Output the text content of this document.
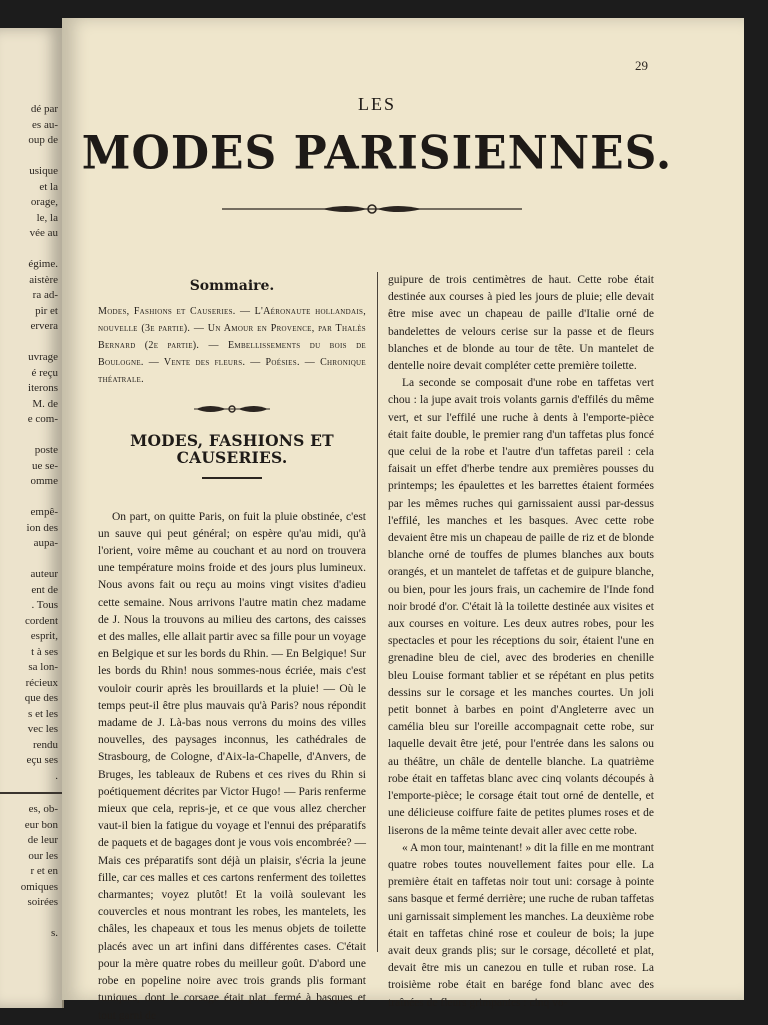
dé par
es au-
oup de

usique
et la
orage,
le, la
vée au

égime.
aistère
ra ad-
pir et
ervera

uvrage
é reçu
iterons
M. de
e com-

poste
ue se-
omme

empê-
ion des
aupa-

auteur
ent de
. Tous
cordent
esprit,
t à ses
sa lon-
récieux
que des
s et les
vec les
rendu
eçu ses
.
es, ob-
eur bon
de leur
our les
r et en
omiques
soirées

s.
29
LES
MODES PARISIENNES.
Sommaire.
Modes, Fashions et Causeries. — L'Aéronaute hollandais, nouvelle (3e partie). — Un Amour en Provence, par Thalès Bernard (2e partie). — Embellissements du bois de Boulogne. — Vente des fleurs. — Poésies. — Chronique théatrale.
MODES, FASHIONS ET CAUSERIES.

On part, on quitte Paris, on fuit la pluie obstinée, c'est un sauve qui peut général; on espère qu'au midi, qu'à l'orient, voire même au couchant et au nord on trouvera une température moins froide et des jours plus lumineux. Nous avons fait ou reçu au moins vingt visites d'adieu cette semaine. Nous arrivons l'autre matin chez madame de J. Nous la trouvons au milieu des cartons, des caisses et des malles, elle allait partir avec sa fille pour un voyage en Belgique et sur les bords du Rhin. — En Belgique! Sur les bords du Rhin! nous sommes-nous écriée, mais c'est vouloir courir après les brouillards et la pluie! — Où le temps peut-il être plus mauvais qu'à Paris? nous répondit madame de J. Là-bas nous verrons du moins des villes nouvelles, des paysages inconnus, les cathédrales de Strasbourg, de Cologne, d'Aix-la-Chapelle, d'Anvers, de Bruges, les tableaux de Rubens et ces rives du Rhin si poétiquement décrites par Victor Hugo! — Paris renferme mieux que cela, repris-je, et ce que vous allez chercher vaut-il bien la fatigue du voyage et l'ennui des préparatifs de paquets et de bagages dont je vous vois encombrée? — Mais ces préparatifs sont déjà un plaisir, s'écria la jeune fille, car ces malles et ces cartons renferment des toilettes charmantes; voyez plutôt! Et la voilà soulevant les couvercles et nous montrant les robes, les mantelets, les châles, les chapeaux et tous les menus objets de toilette placés avec un art infini dans différentes cases. C'était pour la mère quatre robes du meilleur goût. D'abord une robe en popeline noire avec trois grands plis formant tuniques, dont le corsage était plat, fermé à basques et tout garni de

guipure de trois centimètres de haut. Cette robe était destinée aux courses à pied les jours de pluie; elle devait être mise avec un chapeau de paille d'Italie orné de bandelettes de velours cerise sur la passe et de fleurs blanches et de blonde au tour de tête. Un mantelet de dentelle noire devait compléter cette première toilette.

La seconde se composait d'une robe en taffetas vert chou : la jupe avait trois volants garnis d'effilés du même vert, et sur l'effilé une ruche à dents à l'emporte-pièce était faite double, le premier rang d'un taffetas plus foncé que celui de la robe et l'autre d'un taffetas pareil : cela faisait un effet d'herbe tendre aux premières pousses du printemps; les épaulettes et les barrettes étaient formées par les mêmes ruches qui garnissaient aussi par-dessus l'effilé, les manches et les basques. Avec cette robe devaient être mis un chapeau de paille de riz et de blonde blanche orné de touffes de plumes blanches aux bouts orangés, et un mantelet de taffetas et de guipure blanche, ou bien, pour les jours frais, un cachemire de l'Inde fond noir brodé d'or. C'était là la toilette destinée aux visites et aux courses en voiture. Les deux autres robes, pour les spectacles et pour les réceptions du soir, étaient l'une en grenadine bleu de ciel, avec des broderies en chenille bleu Louise formant tablier et se répétant en plus petits dessins sur le corsage et les manches courtes. Un joli petit bonnet à barbes en point d'Angleterre avec un camélia bleu sur l'oreille accompagnait cette robe, sur laquelle devait être jeté, pour l'entrée dans les salons ou au théâtre, un châle de dentelle blanche. La quatrième robe était en taffetas blanc avec cinq volants découpés à l'emporte-pièce; le corsage était tout orné de dentelle, et une délicieuse coiffure faite de petites plumes roses et de liserons de la même teinte devait aller avec cette robe.

« A mon tour, maintenant! » dit la fille en me montrant quatre robes toutes nouvellement faites pour elle. La première était en taffetas noir tout uni: corsage à pointe sans basque et fermé derrière; une ruche de ruban taffetas uni garnissait simplement les manches. La deuxième robe était en taffetas chiné rose et couleur de bois; la jupe avait deux grands plis; sur le corsage, décolleté et plat, devait être mis un canezou en tulle et ruban rose. La troisième robe était en barége fond blanc avec des traînées de fleurs grimpantes : cinq vo-
